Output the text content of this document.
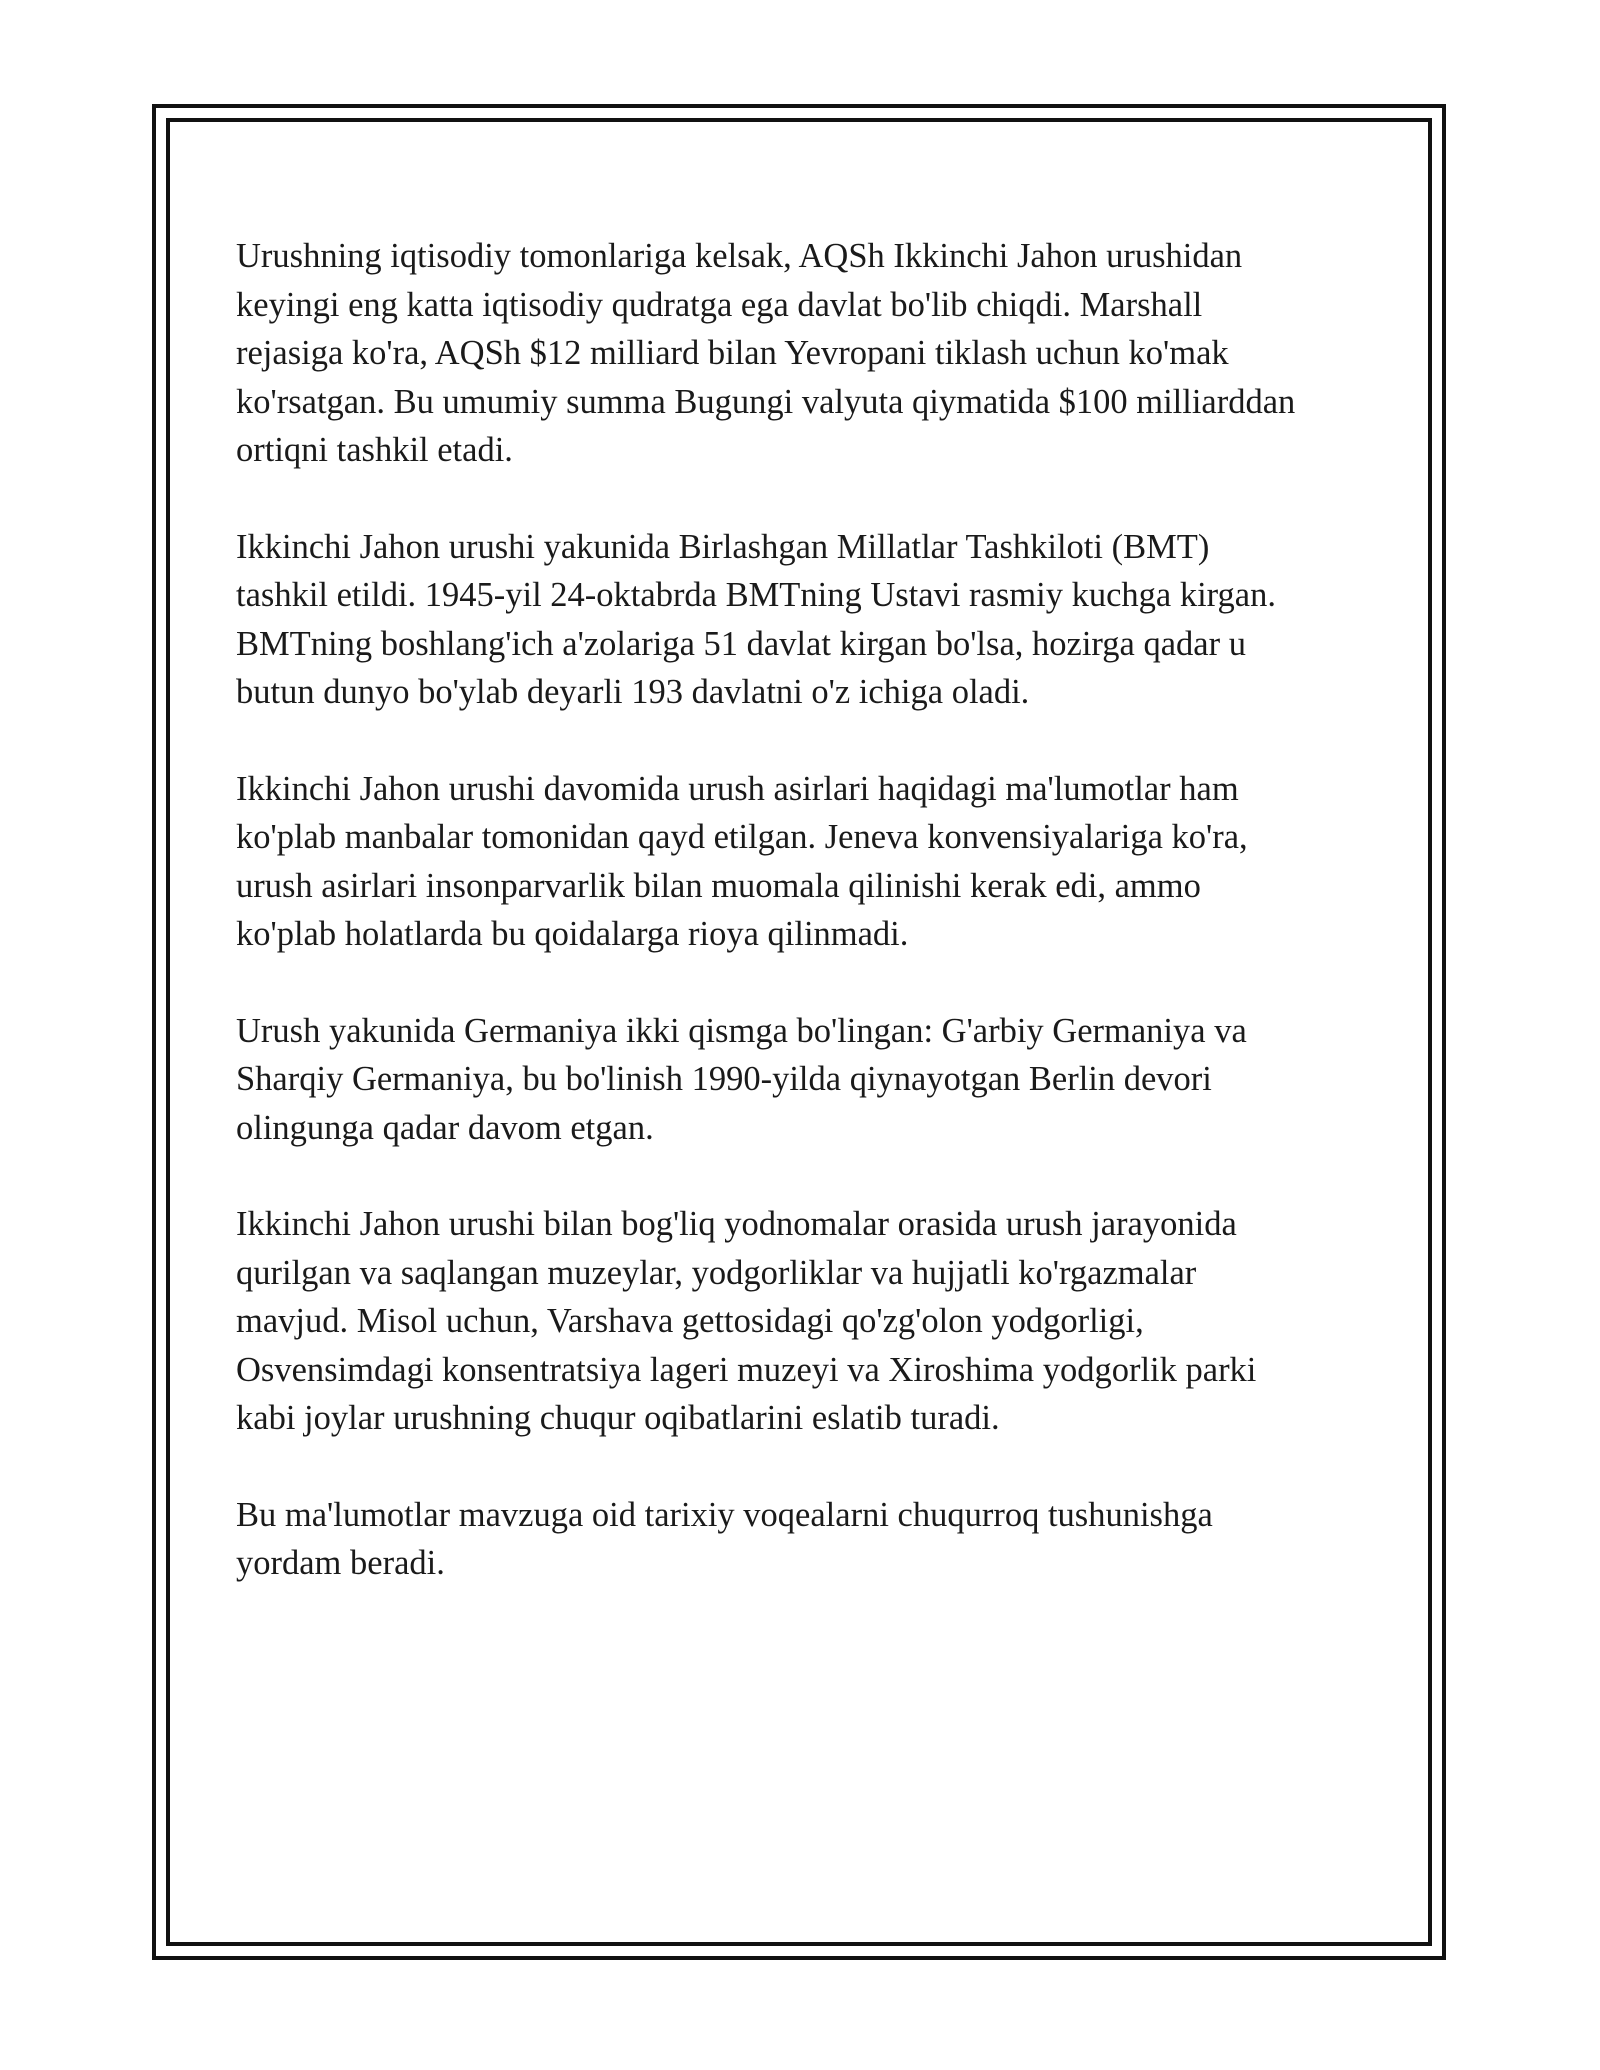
Urushning iqtisodiy tomonlariga kelsak, AQSh Ikkinchi Jahon urushidan
keyingi eng katta iqtisodiy qudratga ega davlat bo'lib chiqdi. Marshall
rejasiga ko'ra, AQSh $12 milliard bilan Yevropani tiklash uchun ko'mak
ko'rsatgan. Bu umumiy summa Bugungi valyuta qiymatida $100 milliarddan
ortiqni tashkil etadi.

Ikkinchi Jahon urushi yakunida Birlashgan Millatlar Tashkiloti (BMT)
tashkil etildi. 1945-yil 24-oktabrda BMTning Ustavi rasmiy kuchga kirgan.
BMTning boshlang'ich a'zolariga 51 davlat kirgan bo'lsa, hozirga qadar u
butun dunyo bo'ylab deyarli 193 davlatni o'z ichiga oladi.

Ikkinchi Jahon urushi davomida urush asirlari haqidagi ma'lumotlar ham
ko'plab manbalar tomonidan qayd etilgan. Jeneva konvensiyalariga ko'ra,
urush asirlari insonparvarlik bilan muomala qilinishi kerak edi, ammo
ko'plab holatlarda bu qoidalarga rioya qilinmadi.

Urush yakunida Germaniya ikki qismga bo'lingan: G'arbiy Germaniya va
Sharqiy Germaniya, bu bo'linish 1990-yilda qiynayotgan Berlin devori
olingunga qadar davom etgan.

Ikkinchi Jahon urushi bilan bog'liq yodnomalar orasida urush jarayonida
qurilgan va saqlangan muzeylar, yodgorliklar va hujjatli ko'rgazmalar
mavjud. Misol uchun, Varshava gettosidagi qo'zg'olon yodgorligi,
Osvensimdagi konsentratsiya lageri muzeyi va Xiroshima yodgorlik parki
kabi joylar urushning chuqur oqibatlarini eslatib turadi.

Bu ma'lumotlar mavzuga oid tarixiy voqealarni chuqurroq tushunishga
yordam beradi.
